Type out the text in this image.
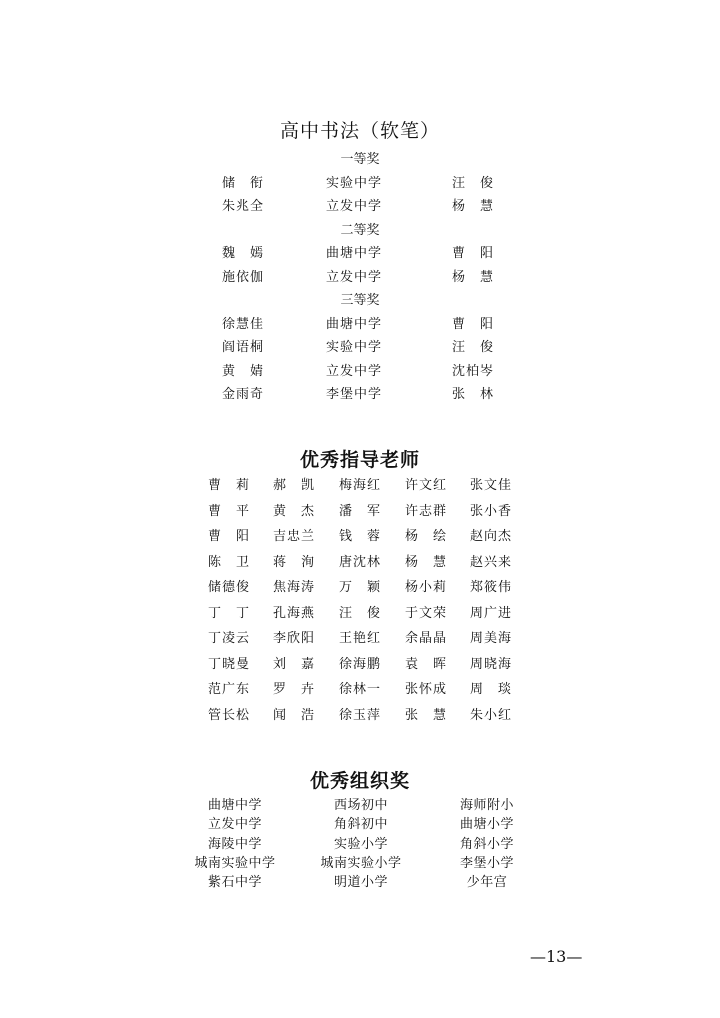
高中书法（软笔）
一等奖
储　衔	实验中学	汪　俊
朱兆全	立发中学	杨　慧
二等奖
魏　嫣	曲塘中学	曹　阳
施依伽	立发中学	杨　慧
三等奖
徐慧佳	曲塘中学	曹　阳
阎语桐	实验中学	汪　俊
黄　婧	立发中学	沈柏岑
金雨奇	李堡中学	张　林
优秀指导老师
曹　莉	郝　凯	梅海红	许文红	张文佳
曹　平	黄　杰	潘　军	许志群	张小香
曹　阳	吉忠兰	钱　蓉	杨　绘	赵向杰
陈　卫	蒋　洵	唐沈林	杨　慧	赵兴来
储德俊	焦海涛	万　颖	杨小莉	郑筱伟
丁　丁	孔海燕	汪　俊	于文荣	周广进
丁凌云	李欣阳	王艳红	余晶晶	周美海
丁晓曼	刘　嘉	徐海鹏	袁　晖	周晓海
范广东	罗　卉	徐林一	张怀成	周　琰
管长松	闻　浩	徐玉萍	张　慧	朱小红
优秀组织奖
曲塘中学	西场初中	海师附小
立发中学	角斜初中	曲塘小学
海陵中学	实验小学	角斜小学
城南实验中学	城南实验小学	李堡小学
紫石中学	明道小学	少年宫
—13—
